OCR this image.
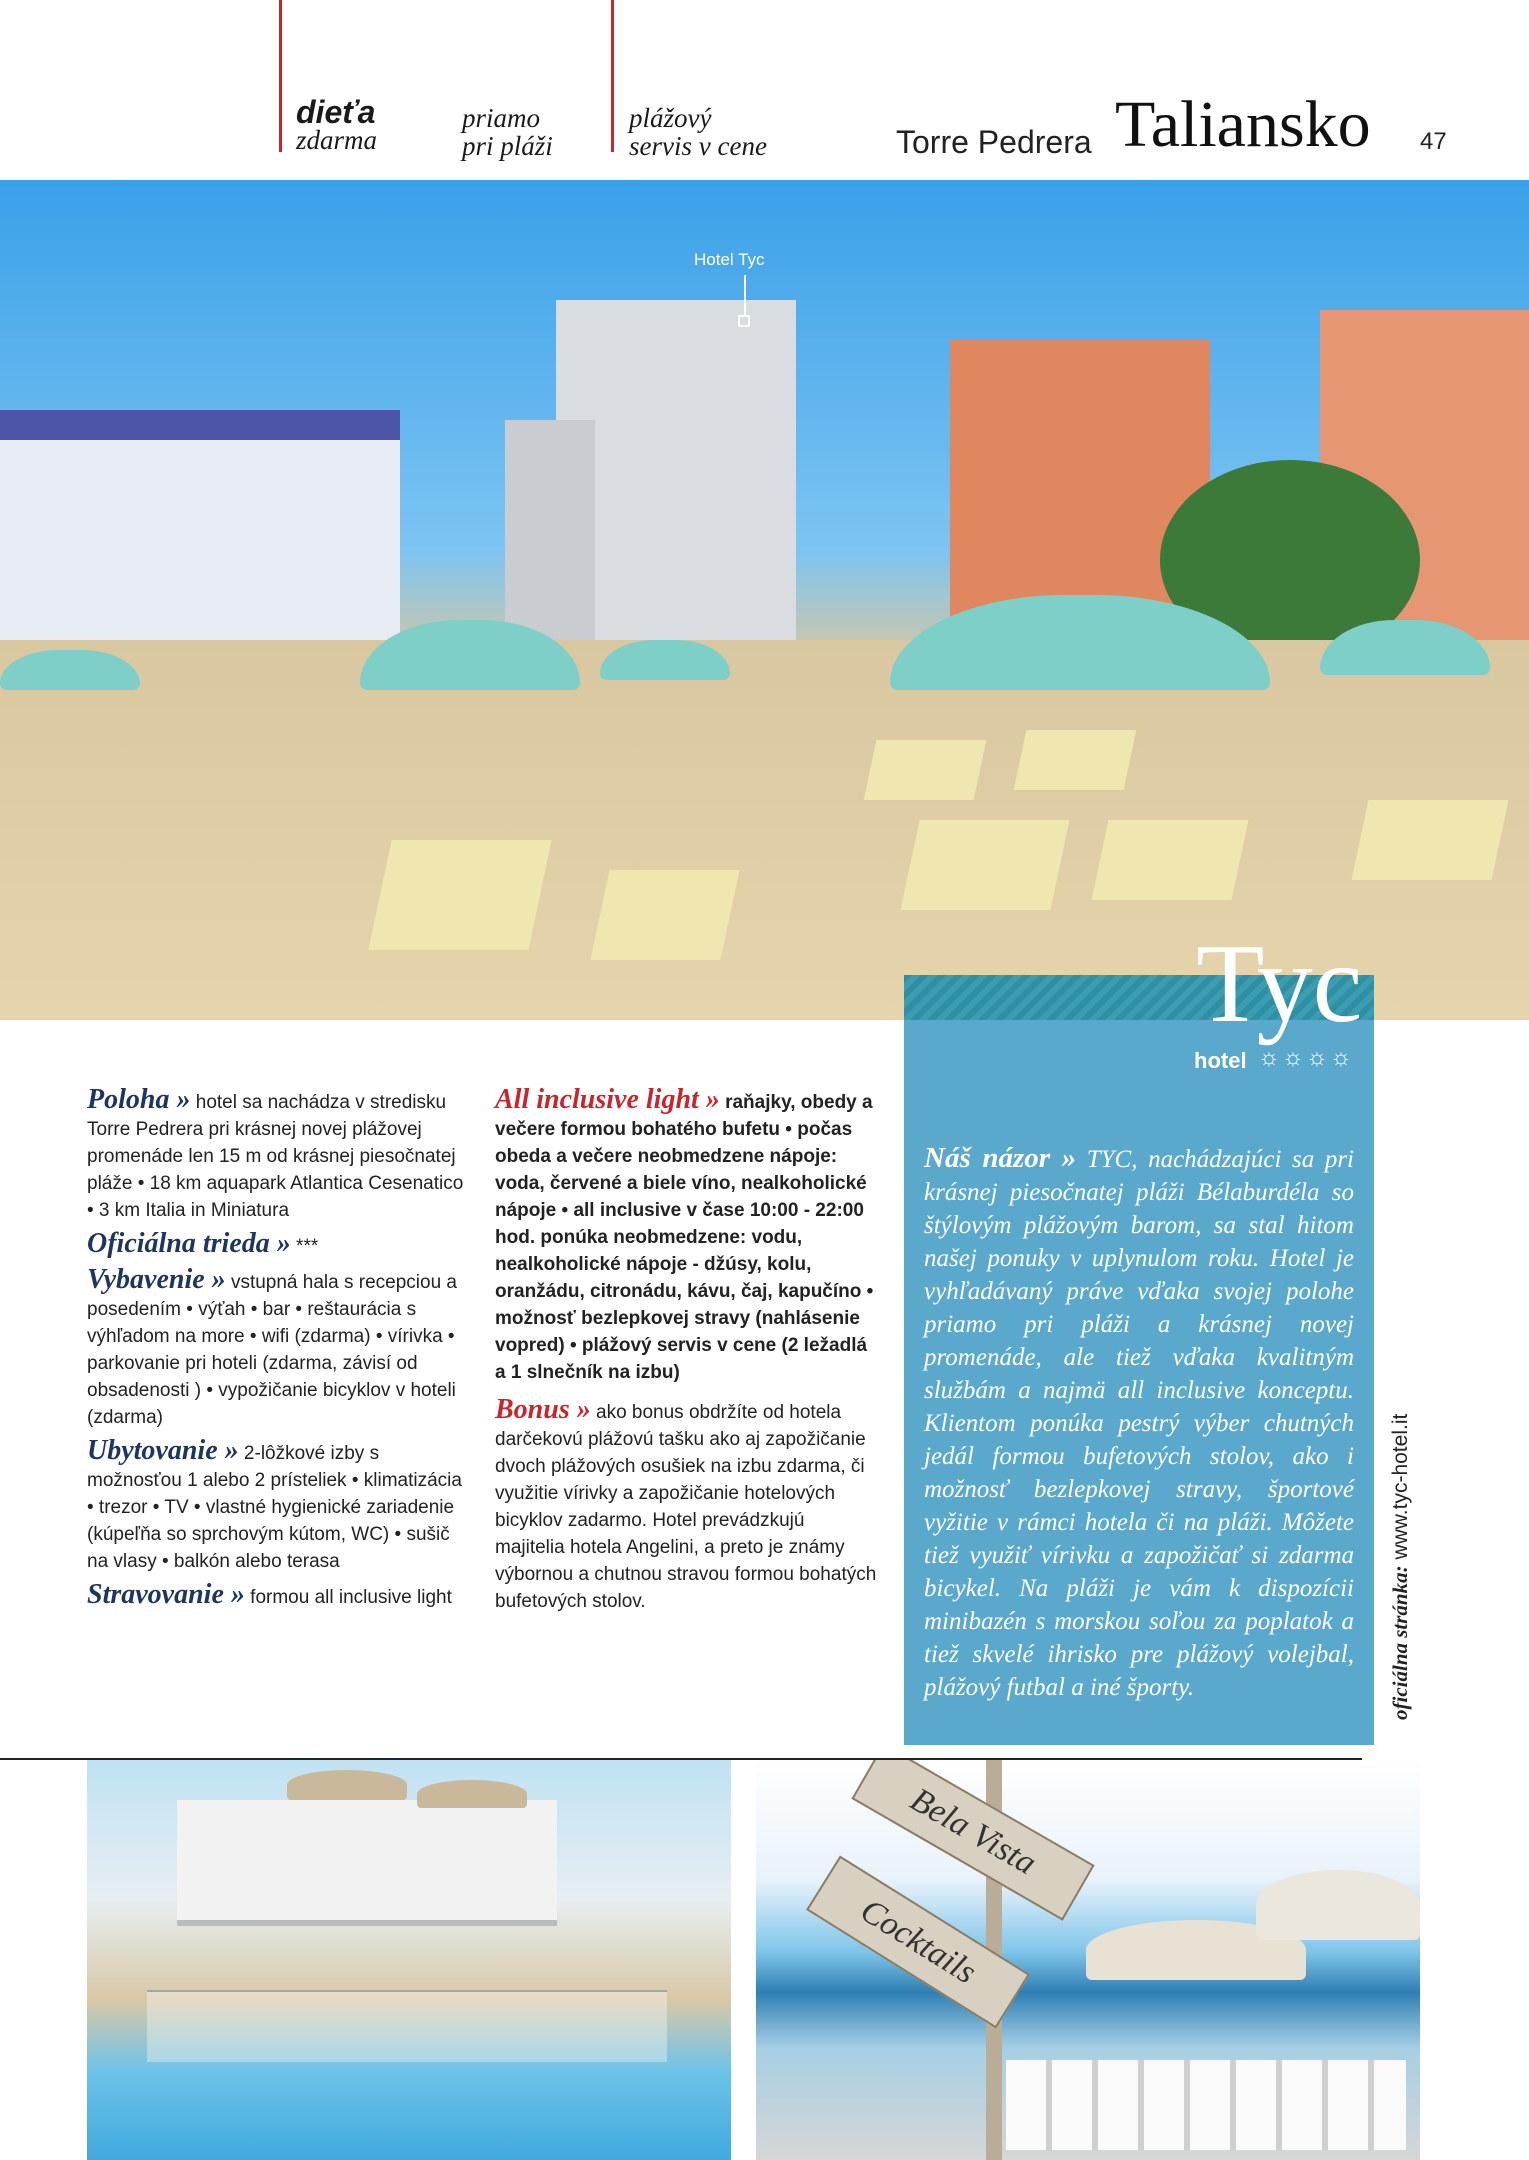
dieťa
zdarma
priamo
pri pláži
plážový
servis v cene	Torre Pedrera Taliansko 47
Hotel Tyc
Tyc
hotel ☼☼☼☼
Náš názor » TYC, nachádzajúci sa pri krásnej piesočnatej pláži Bélaburdéla so štýlovým plážovým barom, sa stal hitom našej ponuky v uplynulom roku. Hotel je vyhľadávaný práve vďaka svojej polohe priamo pri pláži a krásnej novej promenáde, ale tiež vďaka kvalitným službám a najmä all inclusive konceptu. Klientom ponúka pestrý výber chutných jedál formou bufetových stolov, ako i možnosť bezlepkovej stravy, športové vyžitie v rámci hotela či na pláži. Môžete tiež využiť vírivku a zapožičať si zdarma bicykel. Na pláži je vám k dispozícii minibazén s morskou soľou za poplatok a tiež skvelé ihrisko pre plážový volejbal, plážový futbal a iné športy.	oficiálna stránka: www.tyc-hotel.it

Poloha » hotel sa nachádza v stredisku Torre Pedrera pri krásnej novej plážovej promenáde len 15 m od krásnej piesočnatej pláže • 18 km aquapark Atlantica Cesenatico • 3 km Italia in Miniatura

Oficiálna trieda » ***

Vybavenie » vstupná hala s recepciou a posedením • výťah • bar • reštaurácia s výhľadom na more • wifi (zdarma) • vírivka • parkovanie pri hoteli (zdarma, závisí od obsadenosti ) • vypožičanie bicyklov v hoteli (zdarma)

Ubytovanie » 2-lôžkové izby s možnosťou 1 alebo 2 prísteliek • klimatizácia • trezor • TV • vlastné hygienické zariadenie (kúpeľňa so sprchovým kútom, WC) • sušič na vlasy • balkón alebo terasa

Stravovanie » formou all inclusive light

All inclusive light » raňajky, obedy a večere formou bohatého bufetu • počas obeda a večere neobmedzene nápoje: voda, červené a biele víno, nealkoholické nápoje • all inclusive v čase 10:00 - 22:00 hod. ponúka neobmedzene: vodu, nealkoholické nápoje - džúsy, kolu, oranžádu, citronádu, kávu, čaj, kapučíno • možnosť bezlepkovej stravy (nahlásenie vopred) • plážový servis v cene (2 ležadlá a 1 slnečník na izbu)

Bonus » ako bonus obdržíte od hotela darčekovú plážovú tašku ako aj zapožičanie dvoch plážových osušiek na izbu zdarma, či využitie vírivky a zapožičanie hotelových bicyklov zadarmo. Hotel prevádzkujú majitelia hotela Angelini, a preto je známy výbornou a chutnou stravou formou bohatých bufetových stolov.

Bela Vista
Cocktails
